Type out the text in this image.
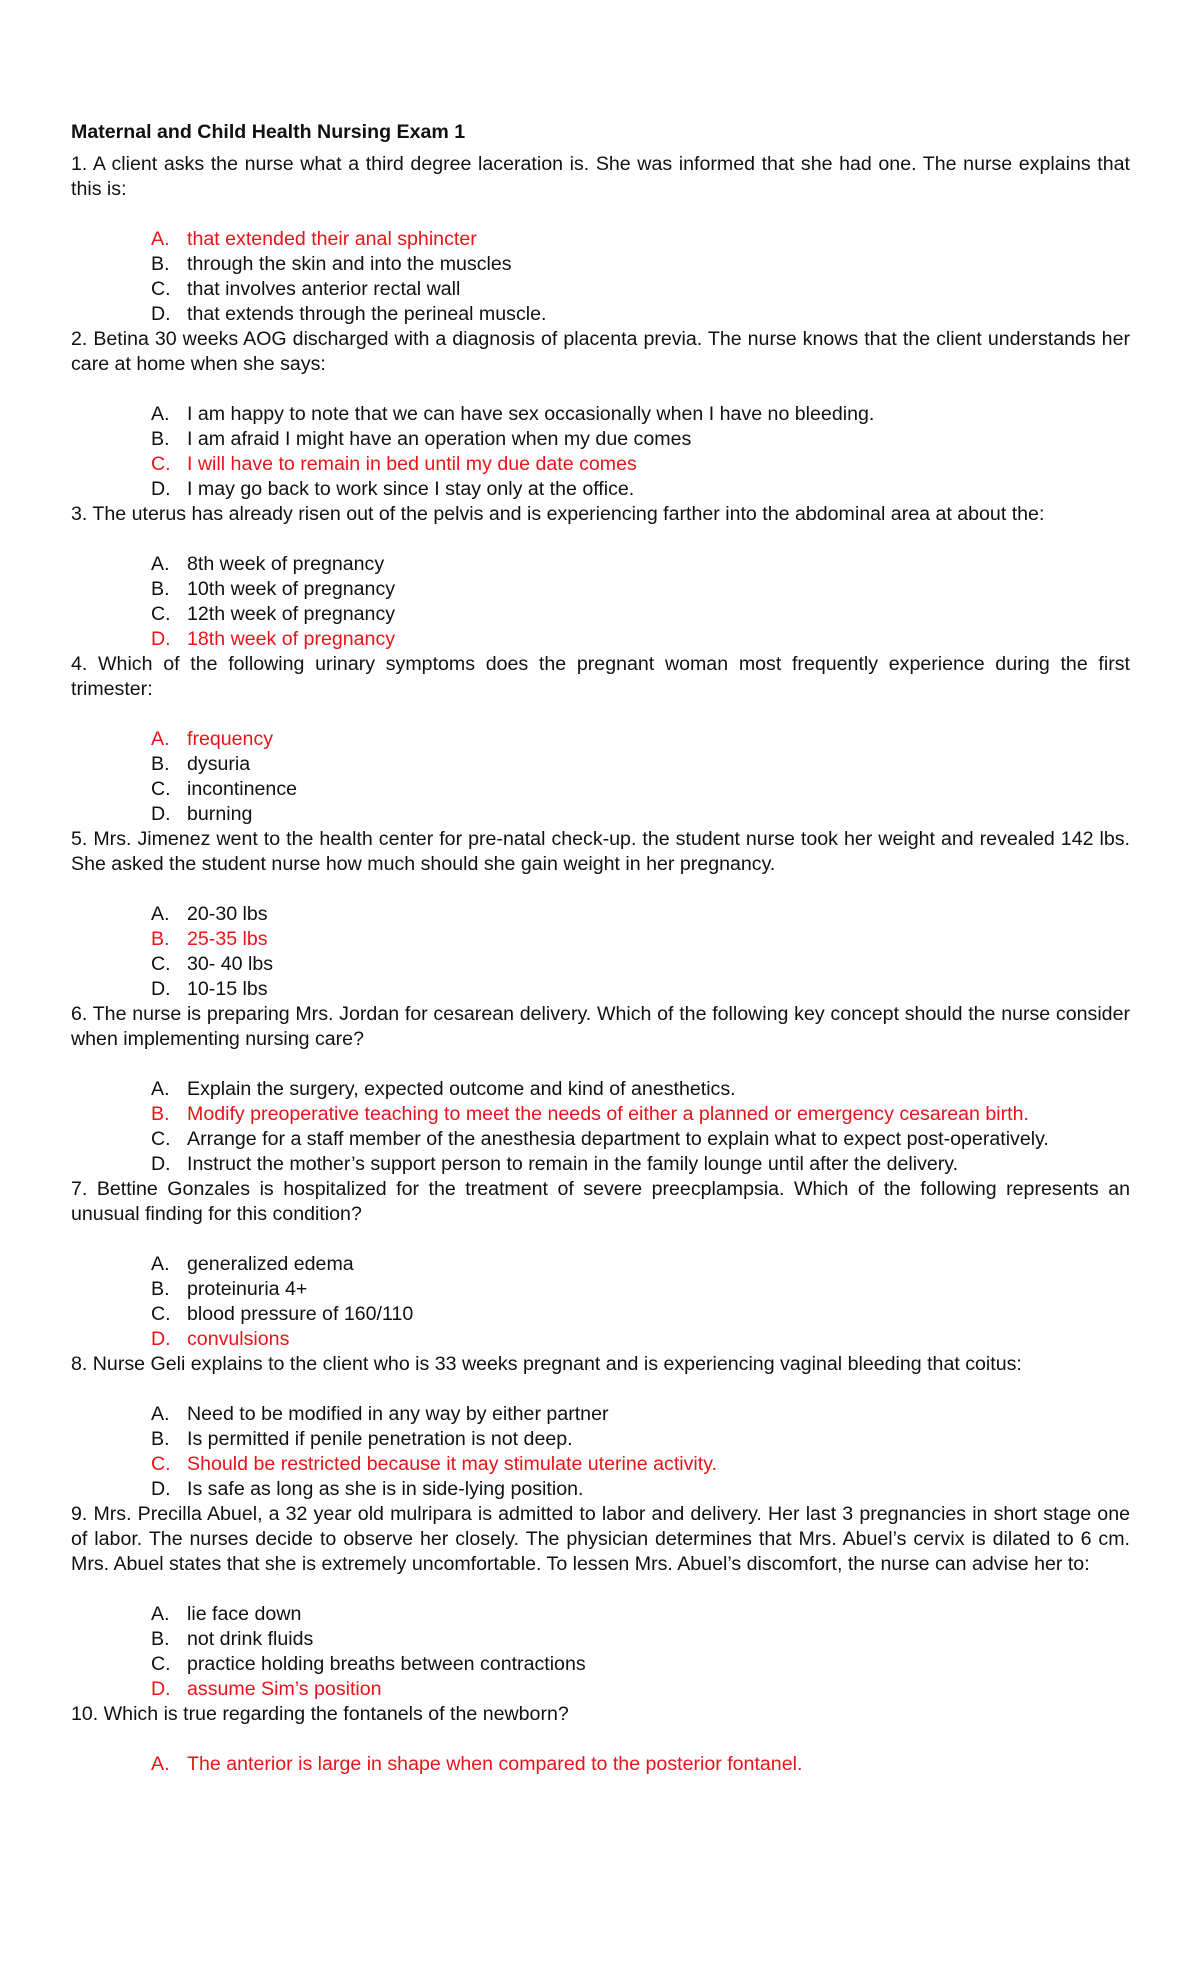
Maternal and Child Health Nursing Exam 1

1. A client asks the nurse what a third degree laceration is. She was informed that she had one. The nurse explains that this is:

A. that extended their anal sphincter
B. through the skin and into the muscles
C. that involves anterior rectal wall
D. that extends through the perineal muscle.

2. Betina 30 weeks AOG discharged with a diagnosis of placenta previa. The nurse knows that the client understands her care at home when she says:

A. I am happy to note that we can have sex occasionally when I have no bleeding.
B. I am afraid I might have an operation when my due comes
C. I will have to remain in bed until my due date comes
D. I may go back to work since I stay only at the office.

3. The uterus has already risen out of the pelvis and is experiencing farther into the abdominal area at about the:

A. 8th week of pregnancy
B. 10th week of pregnancy
C. 12th week of pregnancy
D. 18th week of pregnancy

4. Which of the following urinary symptoms does the pregnant woman most frequently experience during the first trimester:

A. frequency
B. dysuria
C. incontinence
D. burning

5. Mrs. Jimenez went to the health center for pre-natal check-up. the student nurse took her weight and revealed 142 lbs. She asked the student nurse how much should she gain weight in her pregnancy.

A. 20-30 lbs
B. 25-35 lbs
C. 30- 40 lbs
D. 10-15 lbs

6. The nurse is preparing Mrs. Jordan for cesarean delivery. Which of the following key concept should the nurse consider when implementing nursing care?

A. Explain the surgery, expected outcome and kind of anesthetics.
B. Modify preoperative teaching to meet the needs of either a planned or emergency cesarean birth.
C. Arrange for a staff member of the anesthesia department to explain what to expect post-operatively.
D. Instruct the mother’s support person to remain in the family lounge until after the delivery.

7. Bettine Gonzales is hospitalized for the treatment of severe preecplampsia. Which of the following represents an unusual finding for this condition?

A. generalized edema
B. proteinuria 4+
C. blood pressure of 160/110
D. convulsions

8. Nurse Geli explains to the client who is 33 weeks pregnant and is experiencing vaginal bleeding that coitus:

A. Need to be modified in any way by either partner
B. Is permitted if penile penetration is not deep.
C. Should be restricted because it may stimulate uterine activity.
D. Is safe as long as she is in side-lying position.

9. Mrs. Precilla Abuel, a 32 year old mulripara is admitted to labor and delivery. Her last 3 pregnancies in short stage one of labor. The nurses decide to observe her closely. The physician determines that Mrs. Abuel’s cervix is dilated to 6 cm. Mrs. Abuel states that she is extremely uncomfortable. To lessen Mrs. Abuel’s discomfort, the nurse can advise her to:

A. lie face down
B. not drink fluids
C. practice holding breaths between contractions
D. assume Sim’s position

10. Which is true regarding the fontanels of the newborn?

A. The anterior is large in shape when compared to the posterior fontanel.
